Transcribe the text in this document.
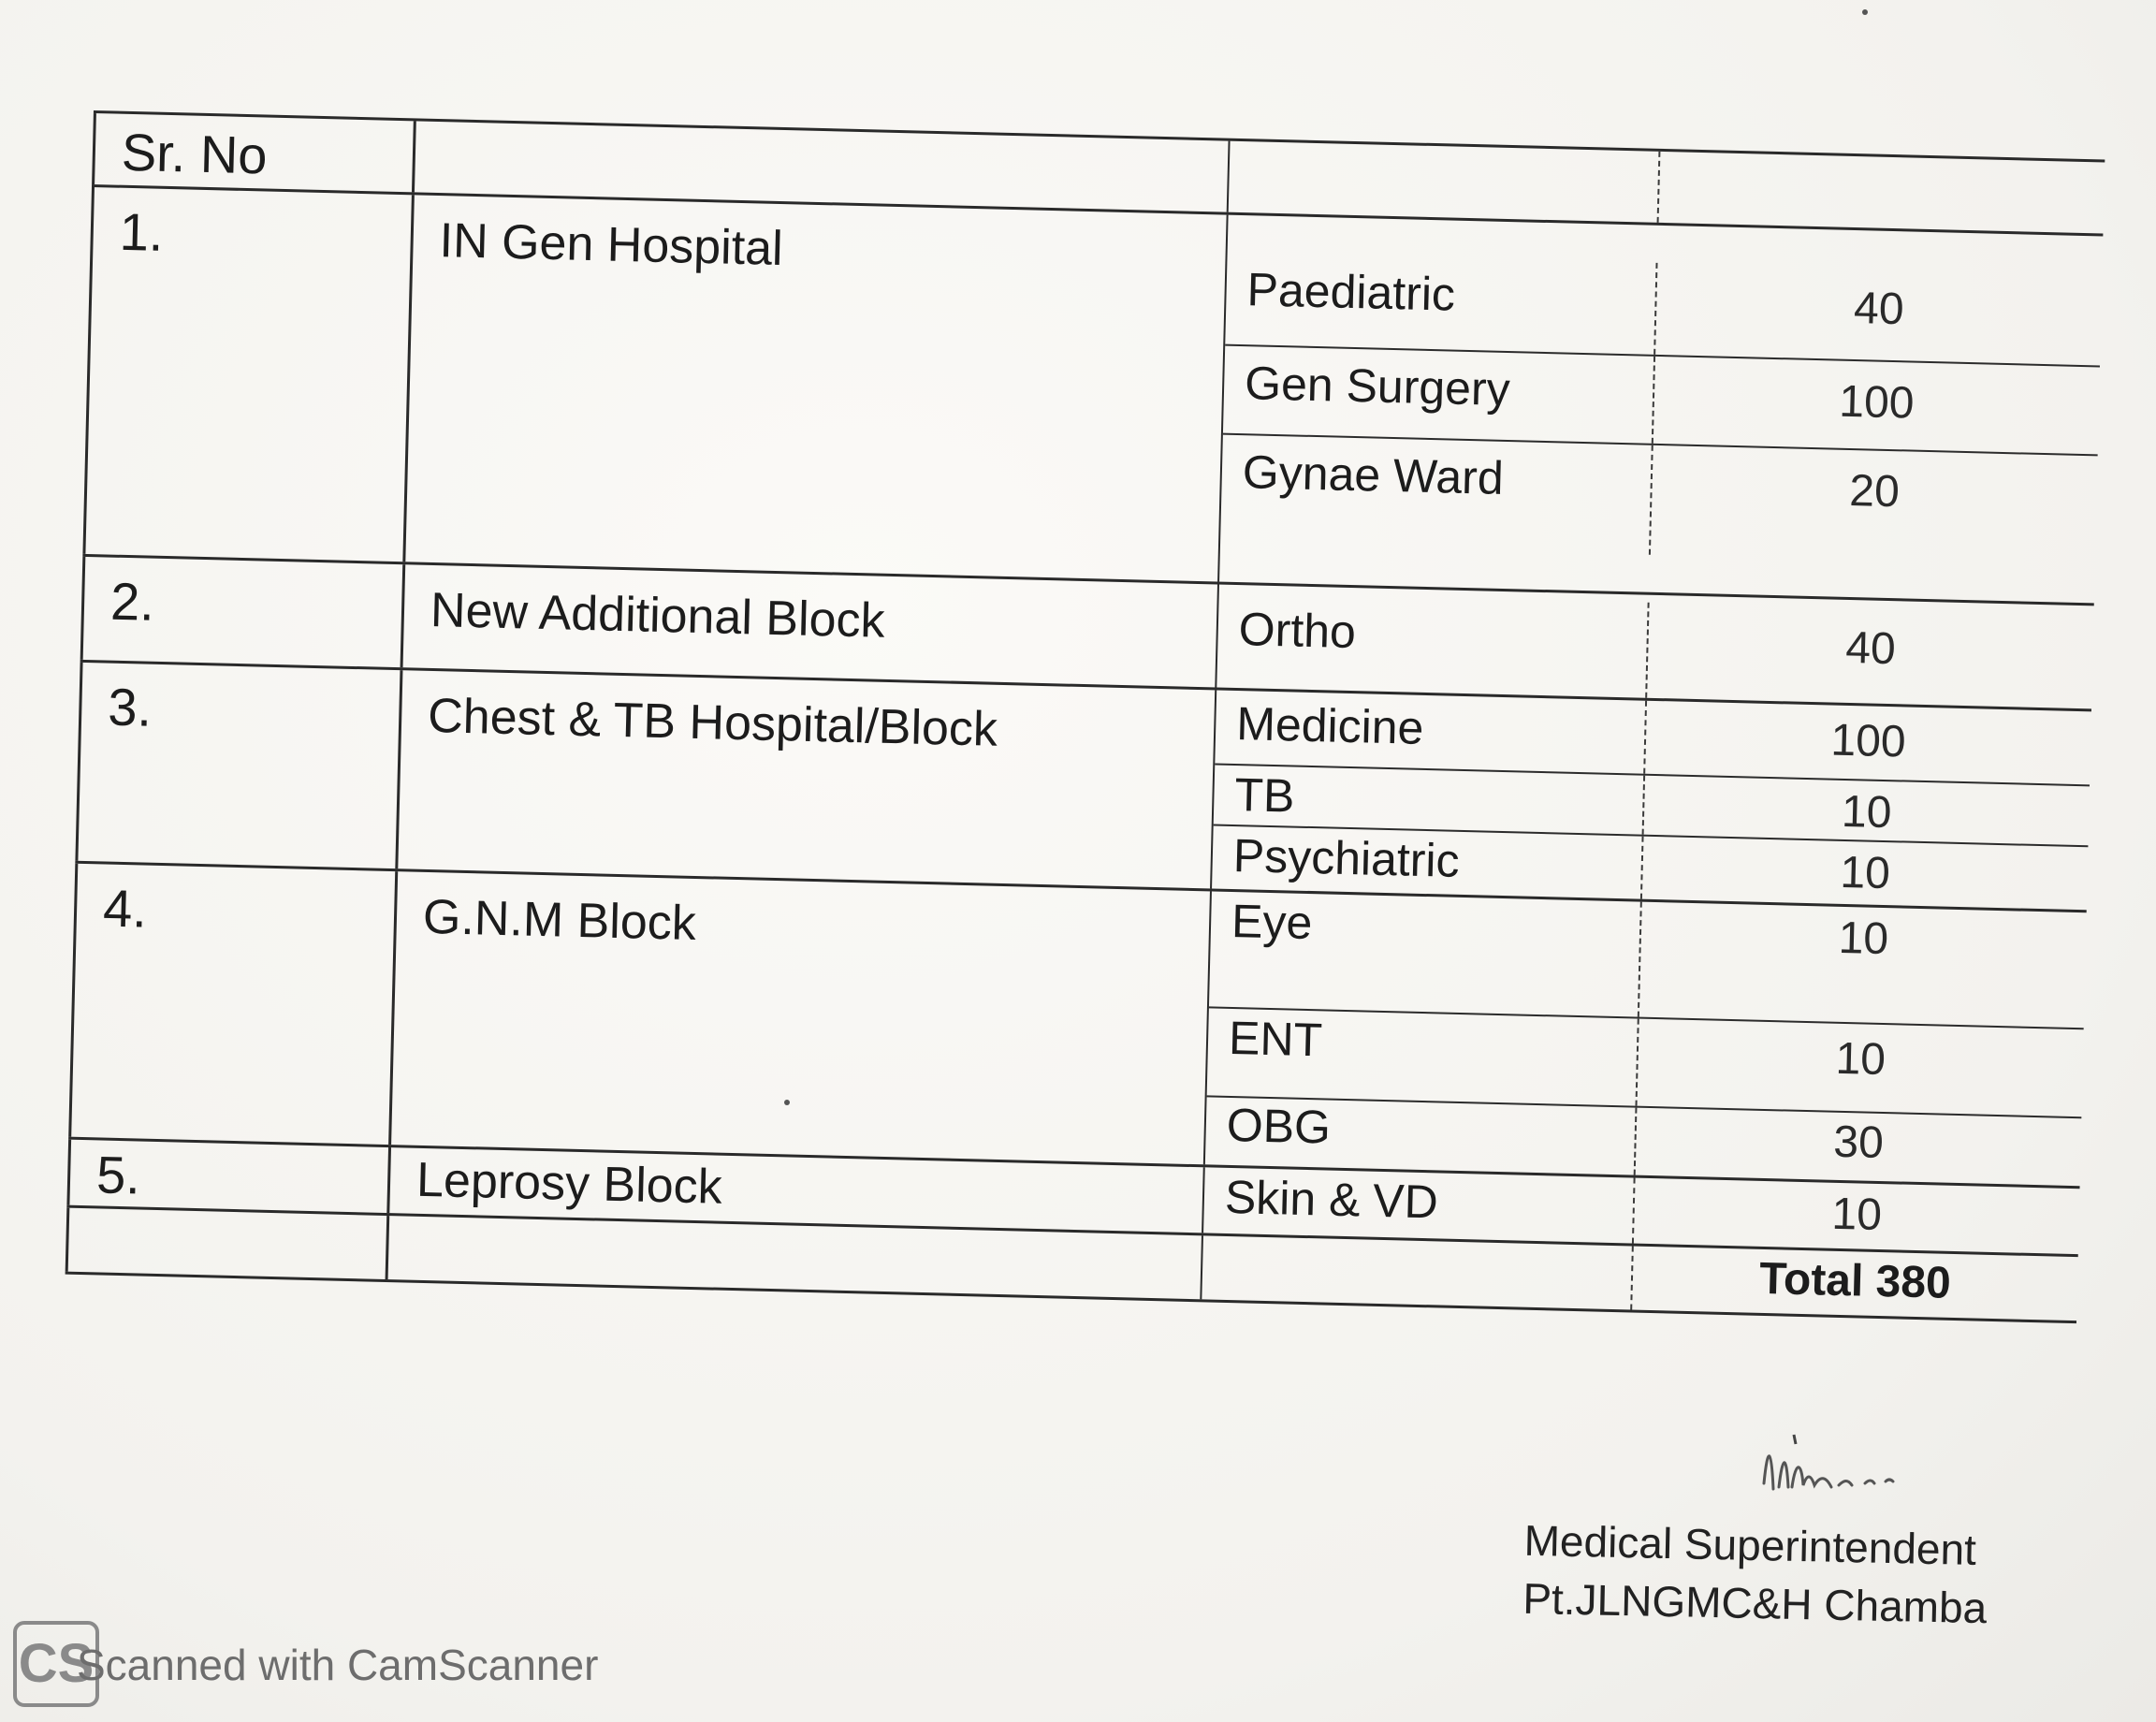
Sr. No
1.	IN Gen Hospital
Paediatric	40
Gen Surgery	100
Gynae Ward	20
2.	New Additional Block	Ortho	40
3.	Chest & TB Hospital/Block	Medicine	100
TB	10
Psychiatric	10
4.	G.N.M Block	Eye	10
ENT	10
OBG	30
5.	Leprosy Block	Skin & VD	10
Total 380
Medical Superintendent
Pt.JLNGMC&H Chamba
CS
Scanned with CamScanner
